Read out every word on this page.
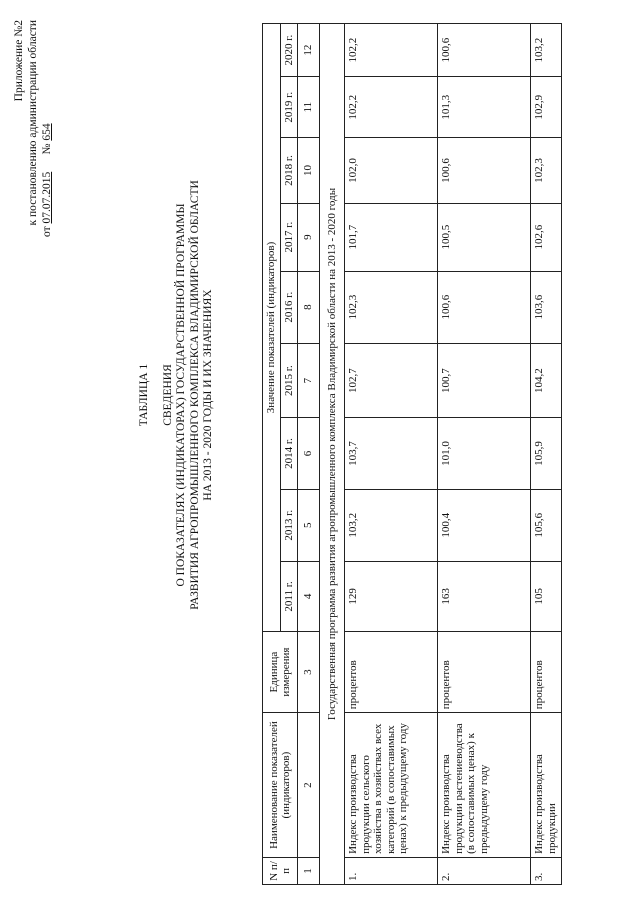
Приложение №2 к постановлению администрации области
от 07.07.2015      № 654
ТАБЛИЦА 1 СВЕДЕНИЯ О ПОКАЗАТЕЛЯХ (ИНДИКАТОРАХ) ГОСУДАРСТВЕННОЙ ПРОГРАММЫ РАЗВИТИЯ АГРОПРОМЫШЛЕННОГО КОМПЛЕКСА ВЛАДИМИРСКОЙ ОБЛАСТИ НА 2013 - 2020 ГОДЫ И ИХ ЗНАЧЕНИЯХ
N п/п	Наименование показателей (индикаторов)	Единица измерения	Значение показателей (индикаторов)								
			2011 г.	2013 г.	2014 г.	2015 г.	2016 г.	2017 г.	2018 г.	2019 г.	2020 г.
1	2	3	4	5	6	7	8	9	10	11	12
Государственная программа развития агропромышленного комплекса Владимирской области на 2013 - 2020 годы											
1.	Индекс производства продукции сельского хозяйства в хозяйствах всех категорий (в сопоставимых ценах) к предыдущему году	процентов	129	103,2	103,7	102,7	102,3	101,7	102,0	102,2	102,2
2.	Индекс производства продукции растениеводства (в сопоставимых ценах) к предыдущему году	процентов	163	100,4	101,0	100,7	100,6	100,5	100,6	101,3	100,6
3.	Индекс производства продукции	процентов	105	105,6	105,9	104,2	103,6	102,6	102,3	102,9	103,2
